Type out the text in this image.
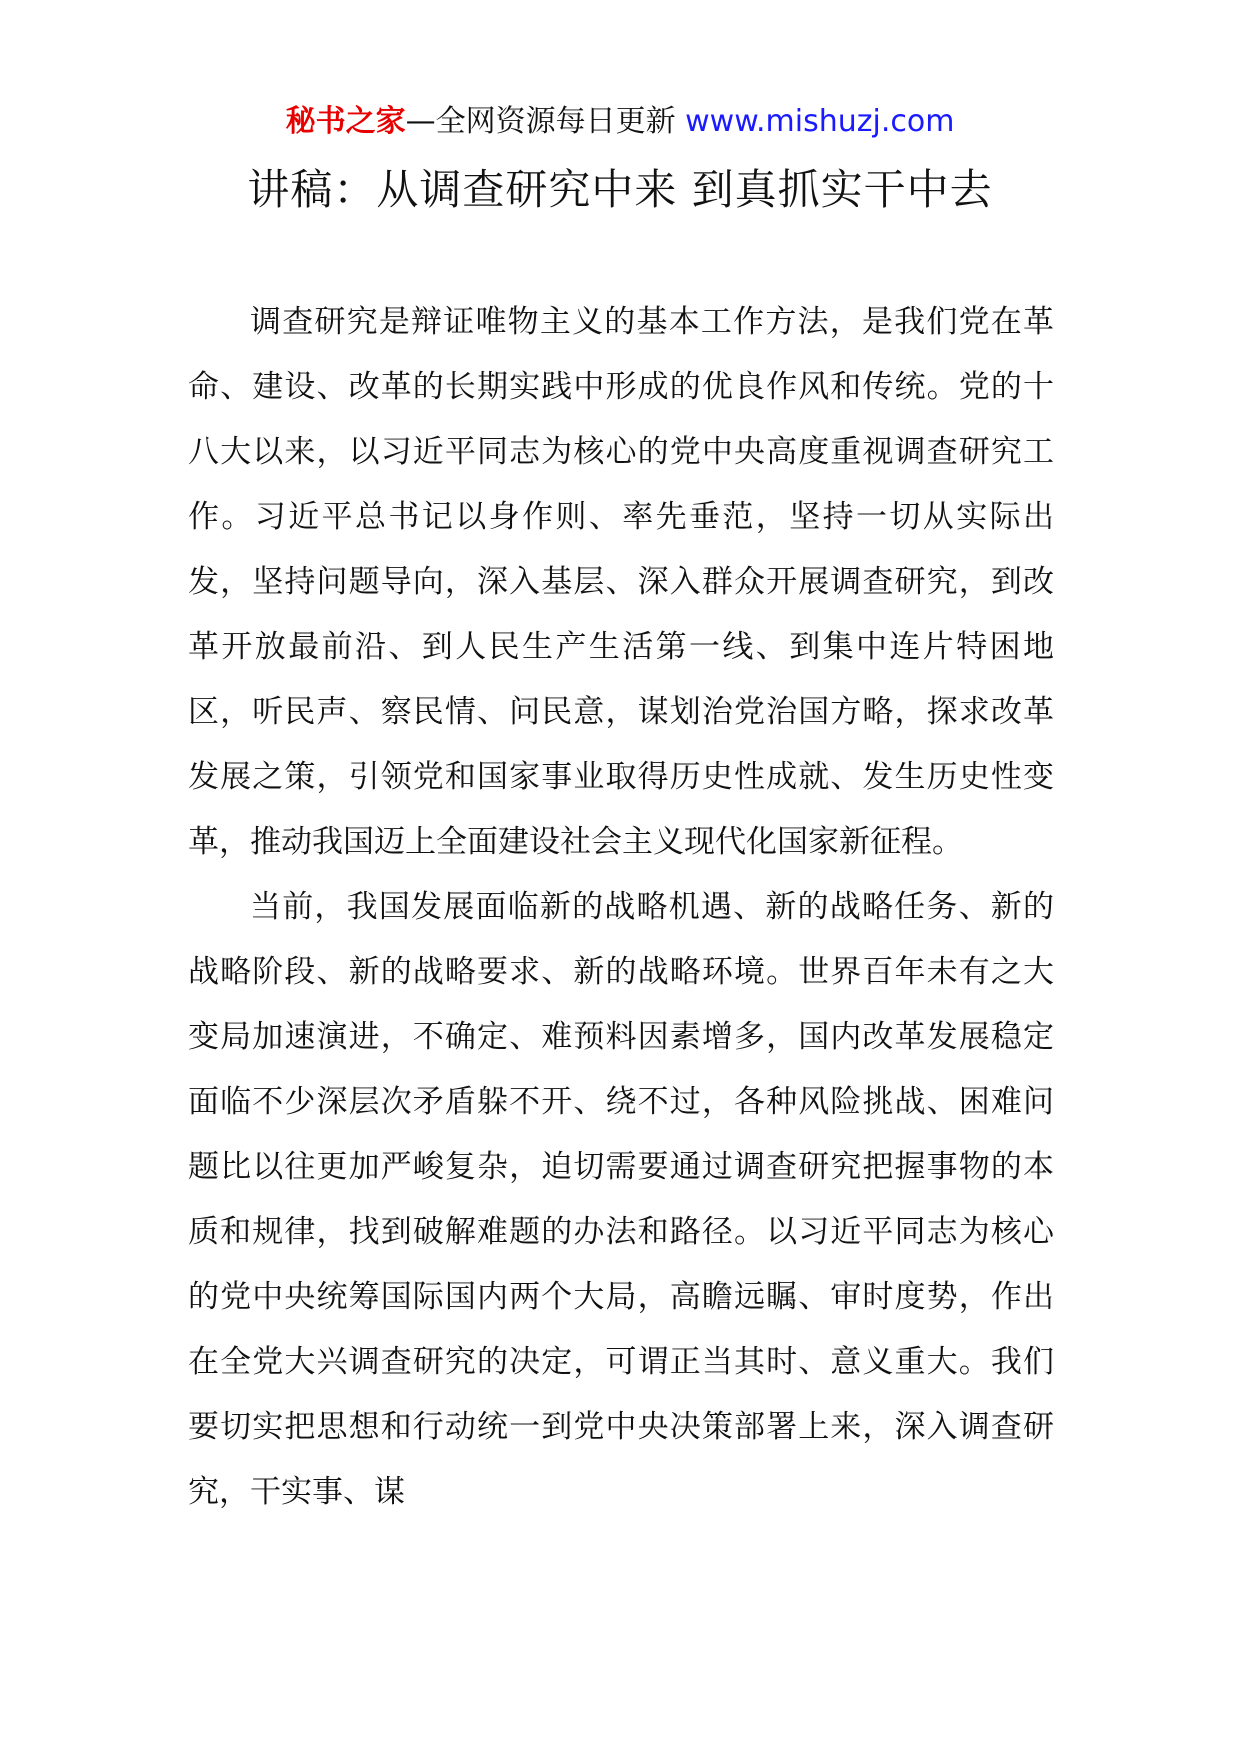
秘书之家—全网资源每日更新 www.mishuzj.com
讲稿：从调查研究中来 到真抓实干中去

调查研究是辩证唯物主义的基本工作方法，是我们党在革命、建设、改革的长期实践中形成的优良作风和传统。党的十八大以来，以习近平同志为核心的党中央高度重视调查研究工作。习近平总书记以身作则、率先垂范，坚持一切从实际出发，坚持问题导向，深入基层、深入群众开展调查研究，到改革开放最前沿、到人民生产生活第一线、到集中连片特困地区，听民声、察民情、问民意，谋划治党治国方略，探求改革发展之策，引领党和国家事业取得历史性成就、发生历史性变革，推动我国迈上全面建设社会主义现代化国家新征程。

当前，我国发展面临新的战略机遇、新的战略任务、新的战略阶段、新的战略要求、新的战略环境。世界百年未有之大变局加速演进，不确定、难预料因素增多，国内改革发展稳定面临不少深层次矛盾躲不开、绕不过，各种风险挑战、困难问题比以往更加严峻复杂，迫切需要通过调查研究把握事物的本质和规律，找到破解难题的办法和路径。以习近平同志为核心的党中央统筹国际国内两个大局，高瞻远瞩、审时度势，作出在全党大兴调查研究的决定，可谓正当其时、意义重大。我们要切实把思想和行动统一到党中央决策部署上来，深入调查研究，干实事、谋
